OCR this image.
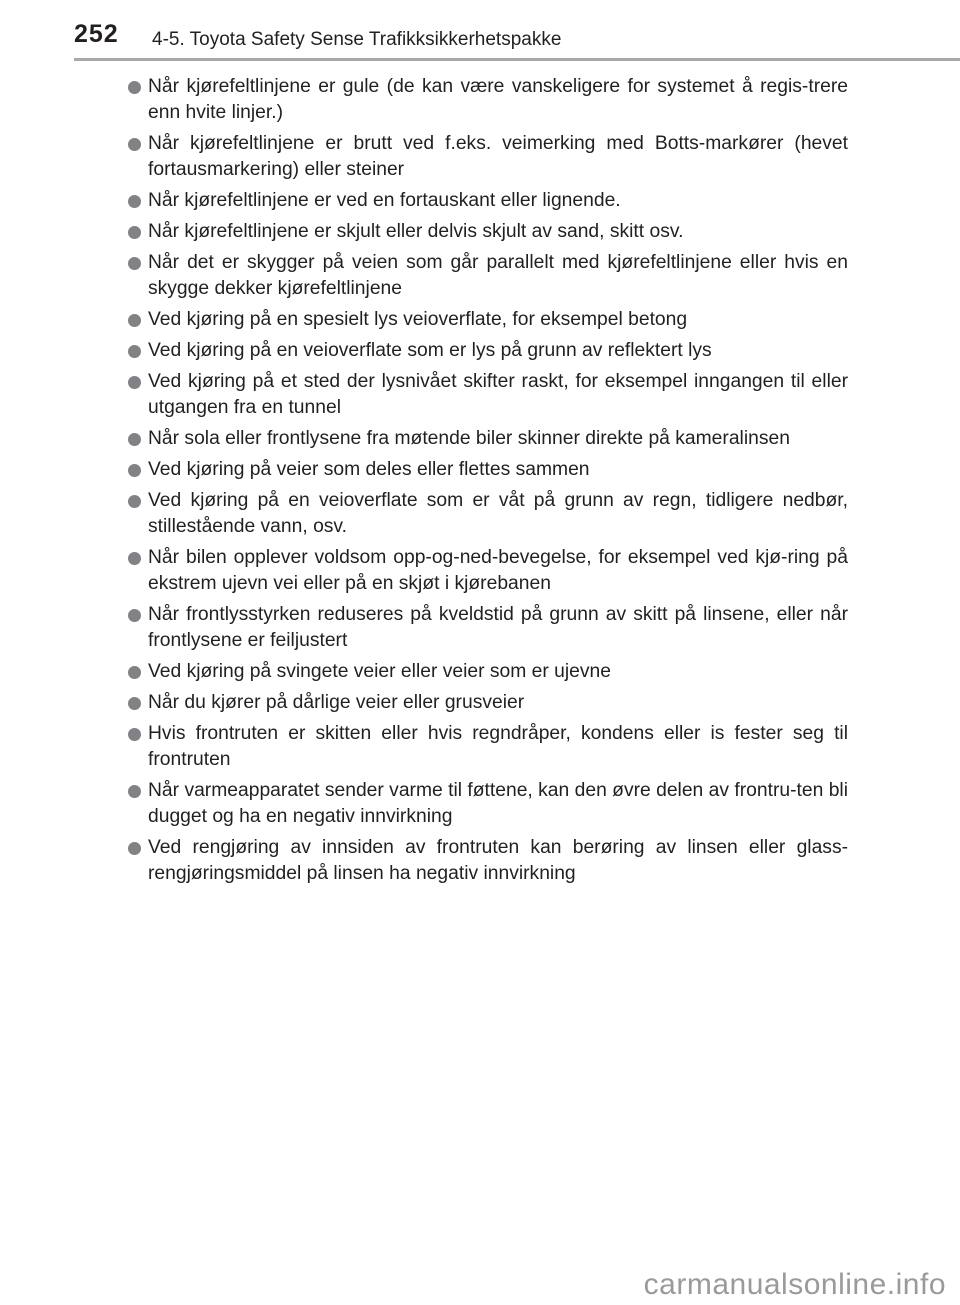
252 4-5. Toyota Safety Sense Trafikksikkerhetspakke
Når kjørefeltlinjene er gule (de kan være vanskeligere for systemet å regis-trere enn hvite linjer.)
Når kjørefeltlinjene er brutt ved f.eks. veimerking med Botts-markører (hevet fortausmarkering) eller steiner
Når kjørefeltlinjene er ved en fortauskant eller lignende.
Når kjørefeltlinjene er skjult eller delvis skjult av sand, skitt osv.
Når det er skygger på veien som går parallelt med kjørefeltlinjene eller hvis en skygge dekker kjørefeltlinjene
Ved kjøring på en spesielt lys veioverflate, for eksempel betong
Ved kjøring på en veioverflate som er lys på grunn av reflektert lys
Ved kjøring på et sted der lysnivået skifter raskt, for eksempel inngangen til eller utgangen fra en tunnel
Når sola eller frontlysene fra møtende biler skinner direkte på kameralinsen
Ved kjøring på veier som deles eller flettes sammen
Ved kjøring på en veioverflate som er våt på grunn av regn, tidligere nedbør, stillestående vann, osv.
Når bilen opplever voldsom opp-og-ned-bevegelse, for eksempel ved kjø-ring på ekstrem ujevn vei eller på en skjøt i kjørebanen
Når frontlysstyrken reduseres på kveldstid på grunn av skitt på linsene, eller når frontlysene er feiljustert
Ved kjøring på svingete veier eller veier som er ujevne
Når du kjører på dårlige veier eller grusveier
Hvis frontruten er skitten eller hvis regndråper, kondens eller is fester seg til frontruten
Når varmeapparatet sender varme til føttene, kan den øvre delen av frontru-ten bli dugget og ha en negativ innvirkning
Ved rengjøring av innsiden av frontruten kan berøring av linsen eller glass-rengjøringsmiddel på linsen ha negativ innvirkning
carmanualsonline.info
